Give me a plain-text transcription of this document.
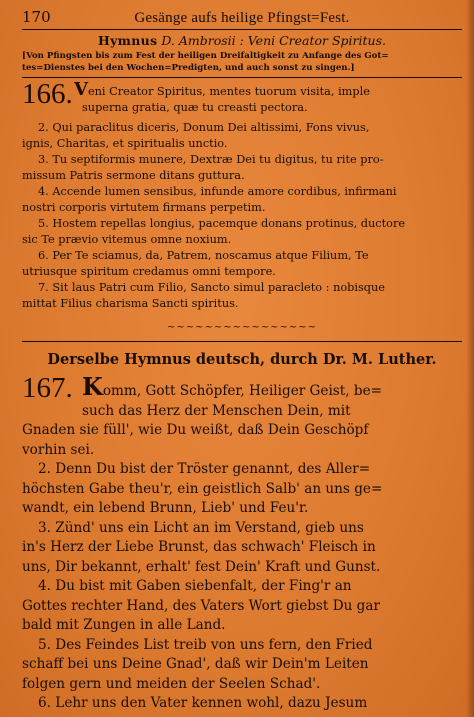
170	Gesänge aufs heilige Pfingst=Fest.
Hymnus D. Ambrosii : Veni Creator Spiritus.
[Von Pfingsten bis zum Fest der heiligen Dreifaltigkeit zu Anfange des Got=
tes=Dienstes bei den Wochen=Predigten, und auch sonst zu singen.]
166. Veni Creator Spiritus, mentes tuorum visita, imple
superna gratia, quæ tu creasti pectora.
2. Qui paraclitus diceris, Donum Dei altissimi, Fons vivus,
ignis, Charitas, et spiritualis unctio.
3. Tu septiformis munere, Dextræ Dei tu digitus, tu rite pro-
missum Patris sermone ditans guttura.
4. Accende lumen sensibus, infunde amore cordibus, infirmani
nostri corporis virtutem firmans perpetim.
5. Hostem repellas longius, pacemque donans protinus, ductore
sic Te prævio vitemus omne noxium.
6. Per Te sciamus, da, Patrem, noscamus atque Filium, Te
utriusque spiritum credamus omni tempore.
7. Sit laus Patri cum Filio, Sancto simul paracleto : nobisque
mittat Filius charisma Sancti spiritus.
~~~~~~~~~~~~~~~~
Derselbe Hymnus deutsch, durch Dr. M. Luther.
167. Komm, Gott Schöpfer, Heiliger Geist, be=
such das Herz der Menschen Dein, mit
Gnaden sie füll', wie Du weißt, daß Dein Geschöpf
vorhin sei.
2. Denn Du bist der Tröster genannt, des Aller=
höchsten Gabe theu'r, ein geistlich Salb' an uns ge=
wandt, ein lebend Brunn, Lieb' und Feu'r.
3. Zünd' uns ein Licht an im Verstand, gieb uns
in's Herz der Liebe Brunst, das schwach' Fleisch in
uns, Dir bekannt, erhalt' fest Dein' Kraft und Gunst.
4. Du bist mit Gaben siebenfalt, der Fing'r an
Gottes rechter Hand, des Vaters Wort giebst Du gar
bald mit Zungen in alle Land.
5. Des Feindes List treib von uns fern, den Fried
schaff bei uns Deine Gnad', daß wir Dein'm Leiten
folgen gern und meiden der Seelen Schad'.
6. Lehr uns den Vater kennen wohl, dazu Jesum
